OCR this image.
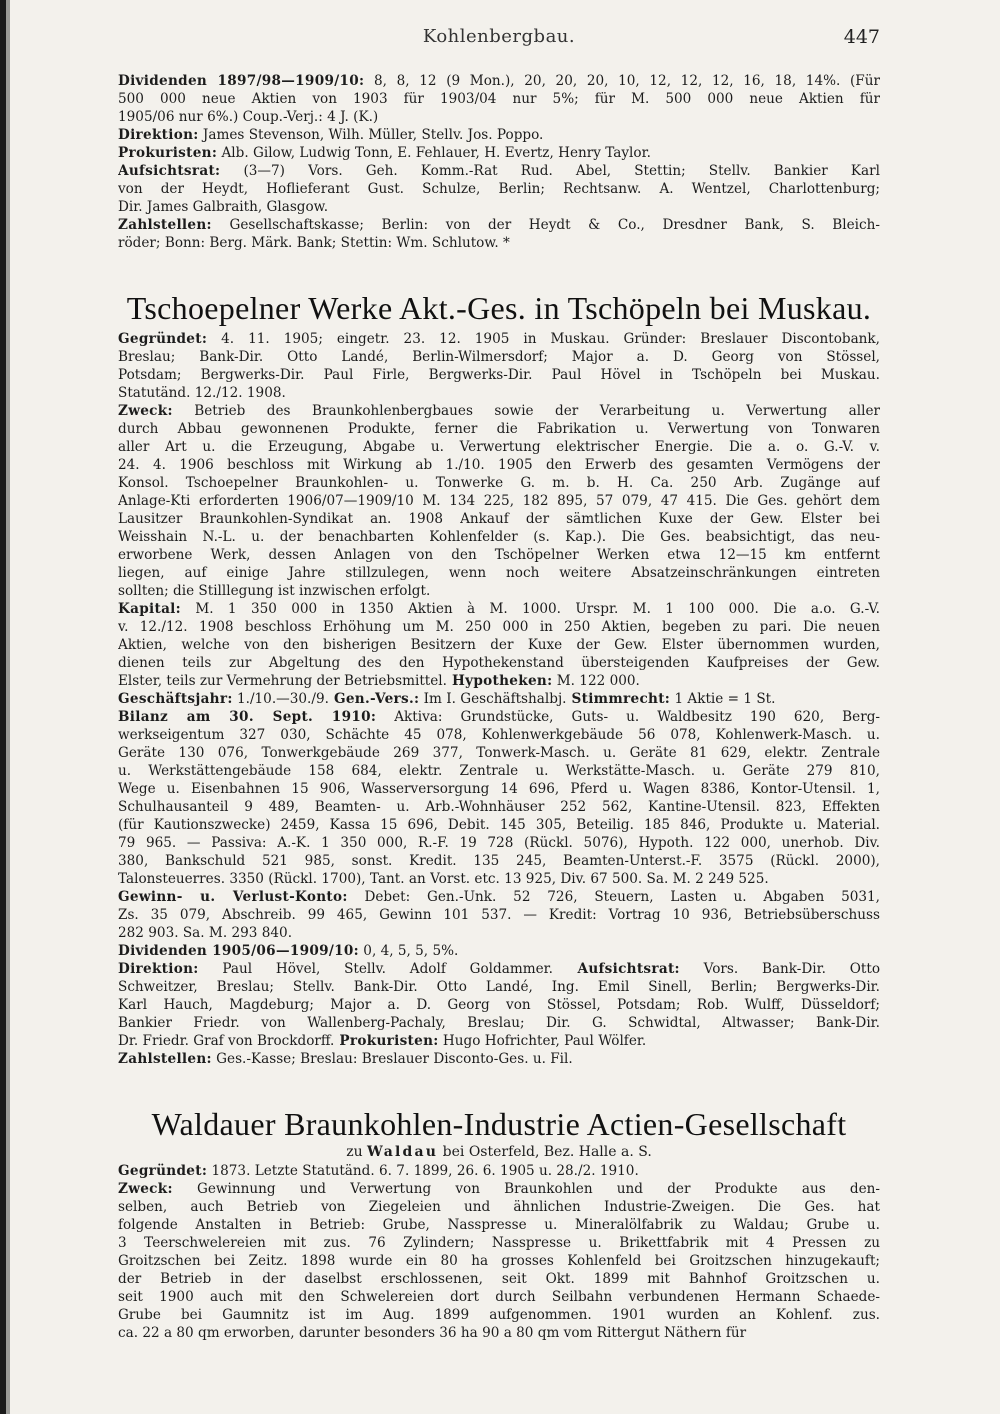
Kohlenbergbau.	447
Dividenden 1897/98—1909/10: 8, 8, 12 (9 Mon.), 20, 20, 20, 10, 12, 12, 12, 16, 18, 14%. (Für
500 000 neue Aktien von 1903 für 1903/04 nur 5%; für M. 500 000 neue Aktien für
1905/06 nur 6%.) Coup.-Verj.: 4 J. (K.)
Direktion: James Stevenson, Wilh. Müller, Stellv. Jos. Poppo.
Prokuristen: Alb. Gilow, Ludwig Tonn, E. Fehlauer, H. Evertz, Henry Taylor.
Aufsichtsrat: (3—7) Vors. Geh. Komm.-Rat Rud. Abel, Stettin; Stellv. Bankier Karl
von der Heydt, Hoflieferant Gust. Schulze, Berlin; Rechtsanw. A. Wentzel, Charlottenburg;
Dir. James Galbraith, Glasgow.
Zahlstellen: Gesellschaftskasse; Berlin: von der Heydt & Co., Dresdner Bank, S. Bleich-
röder; Bonn: Berg. Märk. Bank; Stettin: Wm. Schlutow. *
Tschoepelner Werke Akt.-Ges. in Tschöpeln bei Muskau.
Gegründet: 4. 11. 1905; eingetr. 23. 12. 1905 in Muskau. Gründer: Breslauer Discontobank,
Breslau; Bank-Dir. Otto Landé, Berlin-Wilmersdorf; Major a. D. Georg von Stössel,
Potsdam; Bergwerks-Dir. Paul Firle, Bergwerks-Dir. Paul Hövel in Tschöpeln bei Muskau.
Statutänd. 12./12. 1908.
Zweck: Betrieb des Braunkohlenbergbaues sowie der Verarbeitung u. Verwertung aller
durch Abbau gewonnenen Produkte, ferner die Fabrikation u. Verwertung von Tonwaren
aller Art u. die Erzeugung, Abgabe u. Verwertung elektrischer Energie. Die a. o. G.-V. v.
24. 4. 1906 beschloss mit Wirkung ab 1./10. 1905 den Erwerb des gesamten Vermögens der
Konsol. Tschoepelner Braunkohlen- u. Tonwerke G. m. b. H. Ca. 250 Arb. Zugänge auf
Anlage-Kti erforderten 1906/07—1909/10 M. 134 225, 182 895, 57 079, 47 415. Die Ges. gehört dem
Lausitzer Braunkohlen-Syndikat an. 1908 Ankauf der sämtlichen Kuxe der Gew. Elster bei
Weisshain N.-L. u. der benachbarten Kohlenfelder (s. Kap.). Die Ges. beabsichtigt, das neu-
erworbene Werk, dessen Anlagen von den Tschöpelner Werken etwa 12—15 km entfernt
liegen, auf einige Jahre stillzulegen, wenn noch weitere Absatzeinschränkungen eintreten
sollten; die Stilllegung ist inzwischen erfolgt.
Kapital: M. 1 350 000 in 1350 Aktien à M. 1000. Urspr. M. 1 100 000. Die a.o. G.-V.
v. 12./12. 1908 beschloss Erhöhung um M. 250 000 in 250 Aktien, begeben zu pari. Die neuen
Aktien, welche von den bisherigen Besitzern der Kuxe der Gew. Elster übernommen wurden,
dienen teils zur Abgeltung des den Hypothekenstand übersteigenden Kaufpreises der Gew.
Elster, teils zur Vermehrung der Betriebsmittel. Hypotheken: M. 122 000.
Geschäftsjahr: 1./10.—30./9. Gen.-Vers.: Im I. Geschäftshalbj. Stimmrecht: 1 Aktie = 1 St.
Bilanz am 30. Sept. 1910: Aktiva: Grundstücke, Guts- u. Waldbesitz 190 620, Berg-
werkseigentum 327 030, Schächte 45 078, Kohlenwerkgebäude 56 078, Kohlenwerk-Masch. u.
Geräte 130 076, Tonwerkgebäude 269 377, Tonwerk-Masch. u. Geräte 81 629, elektr. Zentrale
u. Werkstättengebäude 158 684, elektr. Zentrale u. Werkstätte-Masch. u. Geräte 279 810,
Wege u. Eisenbahnen 15 906, Wasserversorgung 14 696, Pferd u. Wagen 8386, Kontor-Utensil. 1,
Schulhausanteil 9 489, Beamten- u. Arb.-Wohnhäuser 252 562, Kantine-Utensil. 823, Effekten
(für Kautionszwecke) 2459, Kassa 15 696, Debit. 145 305, Beteilig. 185 846, Produkte u. Material.
79 965. — Passiva: A.-K. 1 350 000, R.-F. 19 728 (Rückl. 5076), Hypoth. 122 000, unerhob. Div.
380, Bankschuld 521 985, sonst. Kredit. 135 245, Beamten-Unterst.-F. 3575 (Rückl. 2000),
Talonsteuerres. 3350 (Rückl. 1700), Tant. an Vorst. etc. 13 925, Div. 67 500. Sa. M. 2 249 525.
Gewinn- u. Verlust-Konto: Debet: Gen.-Unk. 52 726, Steuern, Lasten u. Abgaben 5031,
Zs. 35 079, Abschreib. 99 465, Gewinn 101 537. — Kredit: Vortrag 10 936, Betriebsüberschuss
282 903. Sa. M. 293 840.
Dividenden 1905/06—1909/10: 0, 4, 5, 5, 5%.
Direktion: Paul Hövel, Stellv. Adolf Goldammer. Aufsichtsrat: Vors. Bank-Dir. Otto
Schweitzer, Breslau; Stellv. Bank-Dir. Otto Landé, Ing. Emil Sinell, Berlin; Bergwerks-Dir.
Karl Hauch, Magdeburg; Major a. D. Georg von Stössel, Potsdam; Rob. Wulff, Düsseldorf;
Bankier Friedr. von Wallenberg-Pachaly, Breslau; Dir. G. Schwidtal, Altwasser; Bank-Dir.
Dr. Friedr. Graf von Brockdorff. Prokuristen: Hugo Hofrichter, Paul Wölfer.
Zahlstellen: Ges.-Kasse; Breslau: Breslauer Disconto-Ges. u. Fil.
Waldauer Braunkohlen-Industrie Actien-Gesellschaft
zu Waldau bei Osterfeld, Bez. Halle a. S.
Gegründet: 1873. Letzte Statutänd. 6. 7. 1899, 26. 6. 1905 u. 28./2. 1910.
Zweck: Gewinnung und Verwertung von Braunkohlen und der Produkte aus den-
selben, auch Betrieb von Ziegeleien und ähnlichen Industrie-Zweigen. Die Ges. hat
folgende Anstalten in Betrieb: Grube, Nasspresse u. Mineralölfabrik zu Waldau; Grube u.
3 Teerschwelereien mit zus. 76 Zylindern; Nasspresse u. Brikettfabrik mit 4 Pressen zu
Groitzschen bei Zeitz. 1898 wurde ein 80 ha grosses Kohlenfeld bei Groitzschen hinzugekauft;
der Betrieb in der daselbst erschlossenen, seit Okt. 1899 mit Bahnhof Groitzschen u.
seit 1900 auch mit den Schwelereien dort durch Seilbahn verbundenen Hermann Schaede-
Grube bei Gaumnitz ist im Aug. 1899 aufgenommen. 1901 wurden an Kohlenf. zus.
ca. 22 a 80 qm erworben, darunter besonders 36 ha 90 a 80 qm vom Rittergut Näthern für
